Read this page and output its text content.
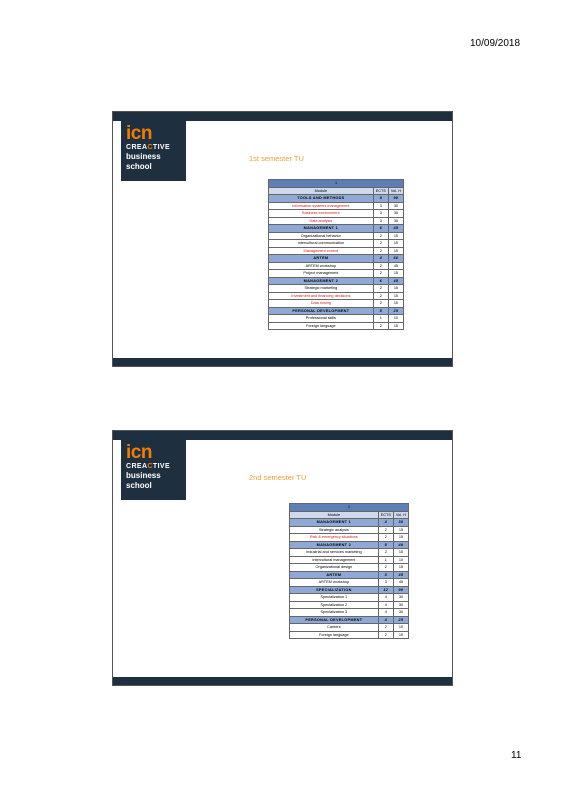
10/09/2018
icn
CREACTIVE
business
school
1st semester TU
1		
Module	ECTS	Vol. H
TOOLS AND METHODS	9	90
Information systems management	3	30
Business environment	3	30
Data analysis	3	30
MANAGEMENT 1	6	45
Organizational behavior	2	15
Intercultural communication	2	15
Management control	2	15
ARTEM	4	60
ARTEM workshop	2	45
Project management	2	15
MANAGEMENT 2	6	45
Strategic marketing	2	15
Investment and financing decisions	2	15
Data mining	2	15
PERSONAL DEVELOPMENT	5	25
Professional skills	1	10
Foreign language	2	15
icn
CREACTIVE
business
school
2nd semester TU
2		
Module	ECTS	Vol. H
MANAGEMENT 1	4	30
Strategic analysis	2	15
Risk & emergency situations	2	15
MANAGEMENT 2	5	40
Industrial and services marketing	2	15
Intercultural management	1	10
Organizational design	2	15
ARTEM	3	45
ARTEM workshop	3	45
SPECIALIZATION	12	90
Specialization 1	4	30
Specialization 2	4	30
Specialization 3	4	30
PERSONAL DEVELOPMENT	4	25
Careers	2	10
Foreign language	2	15
11
